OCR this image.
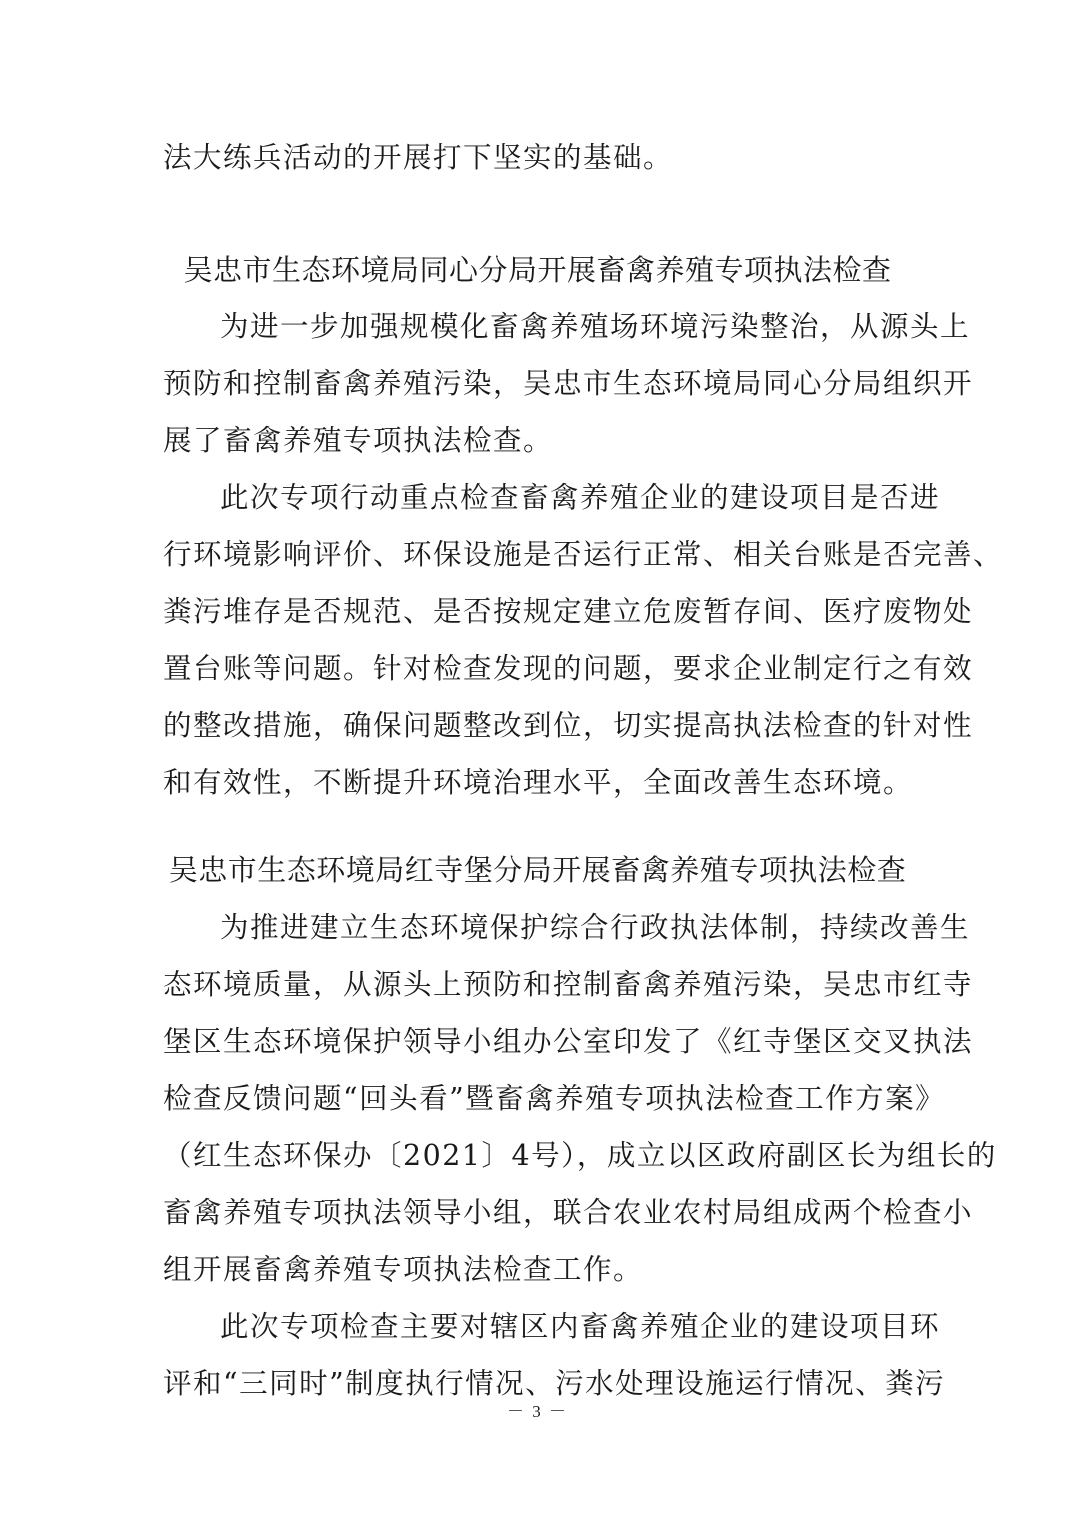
法大练兵活动的开展打下坚实的基础。
吴忠市生态环境局同心分局开展畜禽养殖专项执法检查
为进一步加强规模化畜禽养殖场环境污染整治，从源头上
预防和控制畜禽养殖污染，吴忠市生态环境局同心分局组织开
展了畜禽养殖专项执法检查。
此次专项行动重点检查畜禽养殖企业的建设项目是否进
行环境影响评价、环保设施是否运行正常、相关台账是否完善、
粪污堆存是否规范、是否按规定建立危废暂存间、医疗废物处
置台账等问题。针对检查发现的问题，要求企业制定行之有效
的整改措施，确保问题整改到位，切实提高执法检查的针对性
和有效性，不断提升环境治理水平，全面改善生态环境。
吴忠市生态环境局红寺堡分局开展畜禽养殖专项执法检查
为推进建立生态环境保护综合行政执法体制，持续改善生
态环境质量，从源头上预防和控制畜禽养殖污染，吴忠市红寺
堡区生态环境保护领导小组办公室印发了《红寺堡区交叉执法
检查反馈问题“回头看”暨畜禽养殖专项执法检查工作方案》
（红生态环保办〔2021〕4号），成立以区政府副区长为组长的
畜禽养殖专项执法领导小组，联合农业农村局组成两个检查小
组开展畜禽养殖专项执法检查工作。
此次专项检查主要对辖区内畜禽养殖企业的建设项目环
评和“三同时”制度执行情况、污水处理设施运行情况、粪污
－ 3 －
